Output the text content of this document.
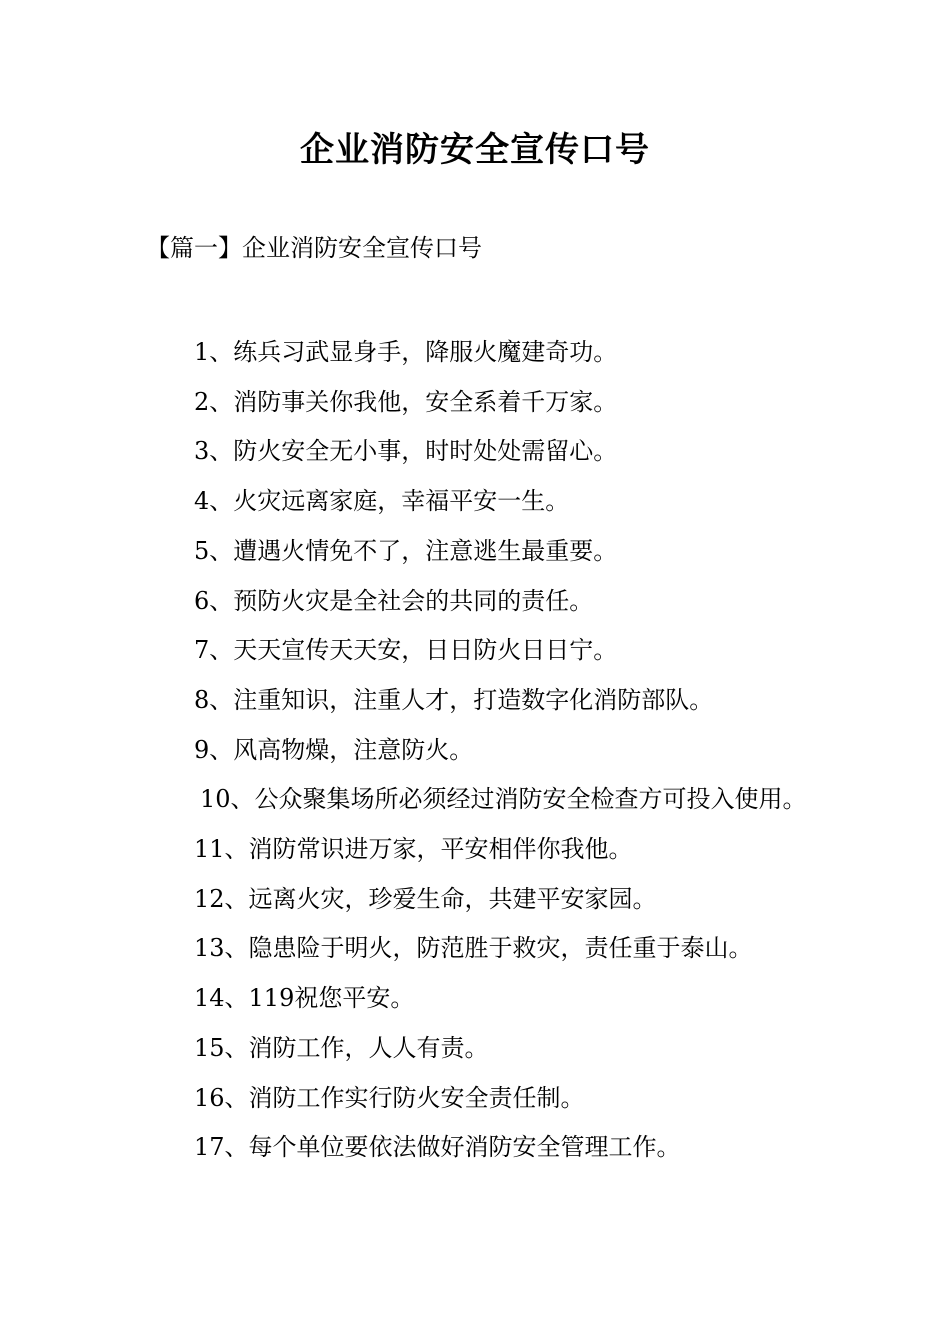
企业消防安全宣传口号
【篇一】企业消防安全宣传口号
1、练兵习武显身手，降服火魔建奇功。
2、消防事关你我他，安全系着千万家。
3、防火安全无小事，时时处处需留心。
4、火灾远离家庭，幸福平安一生。
5、遭遇火情免不了，注意逃生最重要。
6、预防火灾是全社会的共同的责任。
7、天天宣传天天安，日日防火日日宁。
8、注重知识，注重人才，打造数字化消防部队。
9、风高物燥，注意防火。
10、公众聚集场所必须经过消防安全检查方可投入使用。
11、消防常识进万家，平安相伴你我他。
12、远离火灾，珍爱生命，共建平安家园。
13、隐患险于明火，防范胜于救灾，责任重于泰山。
14、119祝您平安。
15、消防工作，人人有责。
16、消防工作实行防火安全责任制。
17、每个单位要依法做好消防安全管理工作。
